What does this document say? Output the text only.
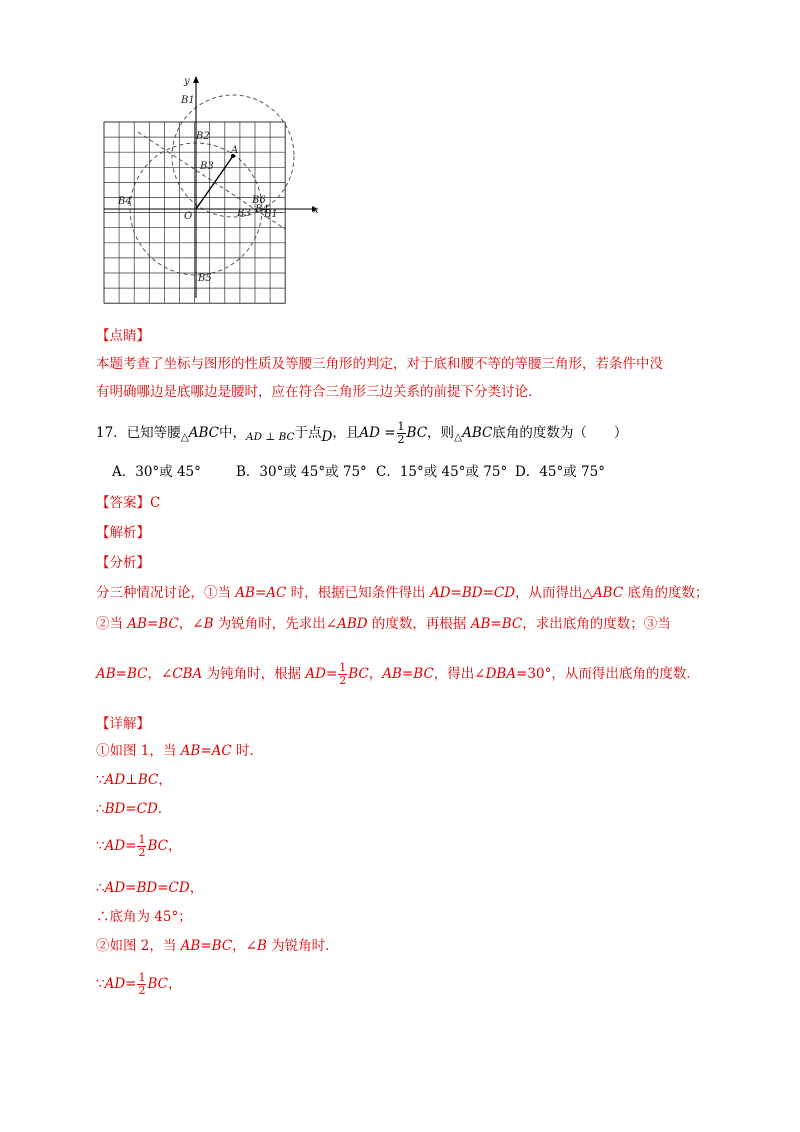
x
y
O
A
B1
B2
B3
B4
B5
B6
B1
B3 B4
【点睛】
本题考查了坐标与图形的性质及等腰三角形的判定，对于底和腰不等的等腰三角形，若条件中没
有明确哪边是底哪边是腰时，应在符合三角形三边关系的前提下分类讨论．
17．已知等腰$_\triangle$ABC中，$_{AD \perp BC}$于点D，且AD = $\frac{1}{2}$ BC，则$_\triangle$ABC底角的度数为（　　）
A．30°或 45°	B．30°或 45°或 75° C．15°或 45°或 75° D．45°或 75°
【答案】C
【解析】
【分析】
分三种情况讨论，①当 AB=AC 时，根据已知条件得出 AD=BD=CD，从而得出△ABC 底角的度数；
②当 AB=BC，∠B 为锐角时，先求出∠ABD 的度数，再根据 AB=BC，求出底角的度数；③当
AB=BC，∠CBA 为钝角时，根据 $AD= \frac{1}{2}$ BC，AB=BC，得出∠DBA=30°，从而得出底角的度数．
【详解】
①如图 1，当 AB=AC 时．
∵AD⊥BC，
∴BD=CD．
∵AD= $\frac{1}{2}$ BC，
∴AD=BD=CD，
∴底角为 45°；
②如图 2，当 AB=BC，∠B 为锐角时．
∵AD= $\frac{1}{2}$ BC，
